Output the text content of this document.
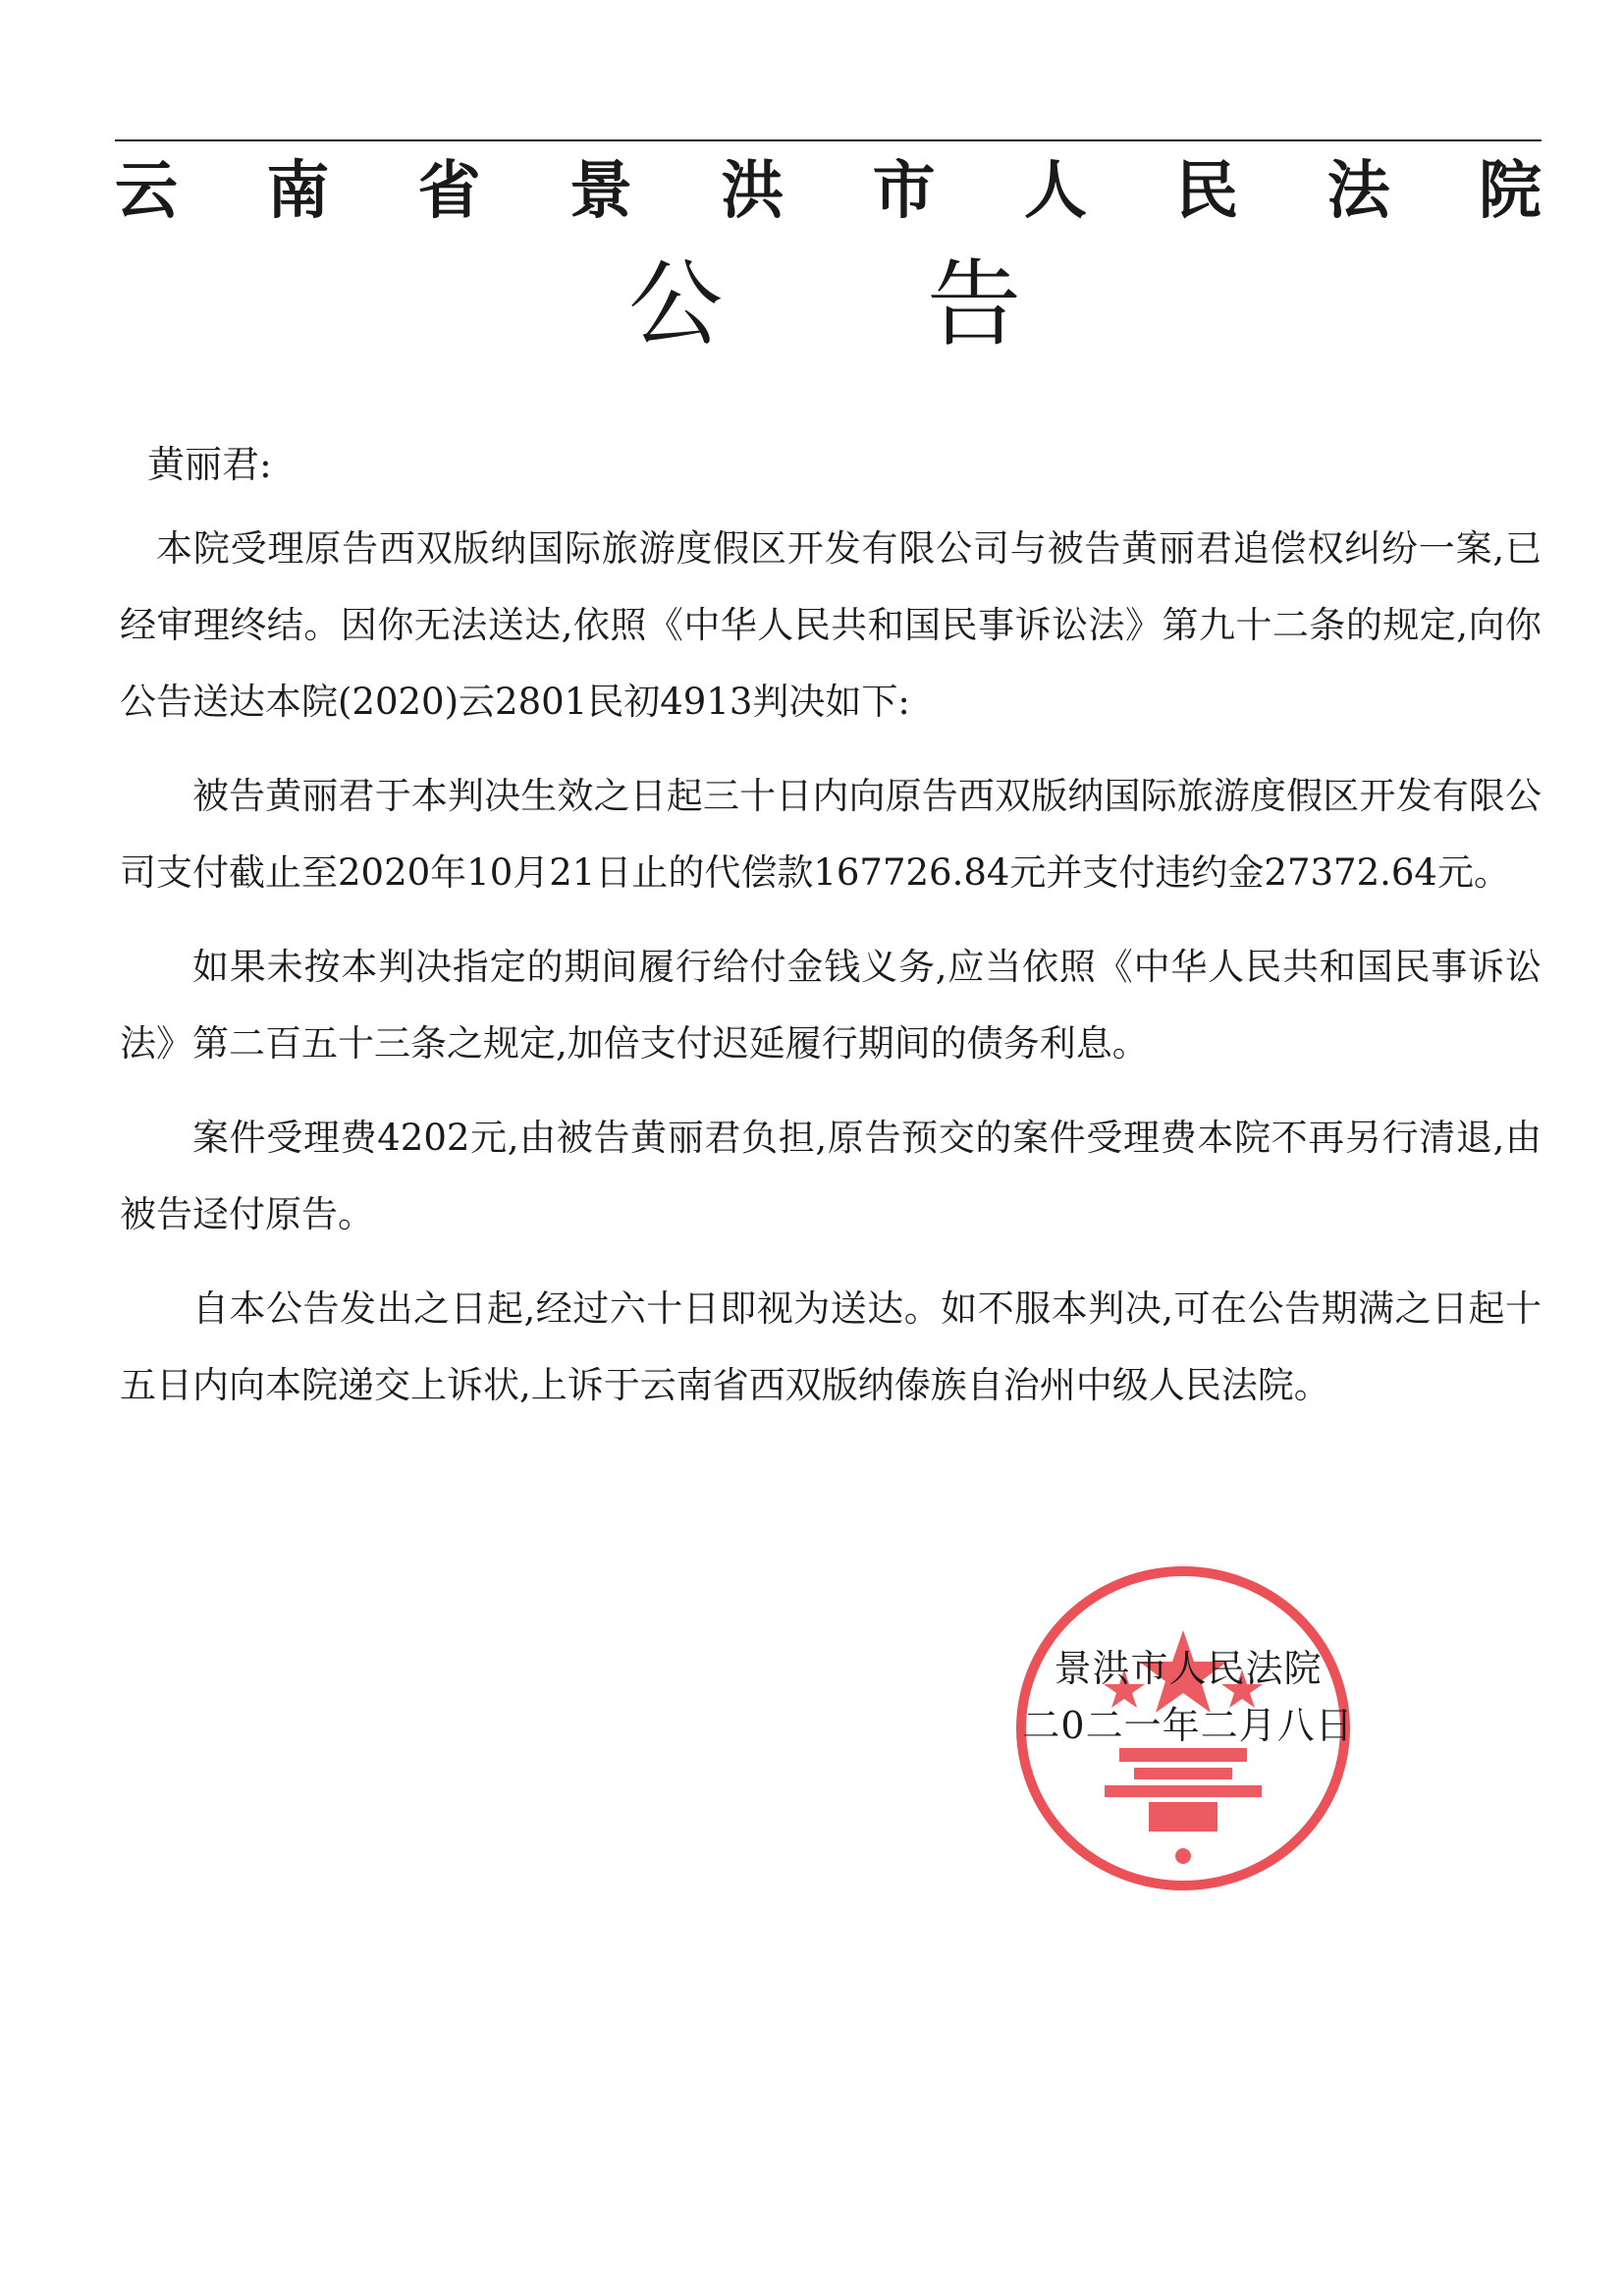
云 南 省 景 洪 市 人 民 法 院
公 告
黄丽君:

本院受理原告西双版纳国际旅游度假区开发有限公司与被告黄丽君追偿权纠纷一案,已经审理终结。因你无法送达,依照《中华人民共和国民事诉讼法》第九十二条的规定,向你公告送达本院(2020)云2801民初4913判决如下:

被告黄丽君于本判决生效之日起三十日内向原告西双版纳国际旅游度假区开发有限公司支付截止至2020年10月21日止的代偿款167726.84元并支付违约金27372.64元。

如果未按本判决指定的期间履行给付金钱义务,应当依照《中华人民共和国民事诉讼法》第二百五十三条之规定,加倍支付迟延履行期间的债务利息。

案件受理费4202元,由被告黄丽君负担,原告预交的案件受理费本院不再另行清退,由被告迳付原告。

自本公告发出之日起,经过六十日即视为送达。如不服本判决,可在公告期满之日起十五日内向本院递交上诉状,上诉于云南省西双版纳傣族自治州中级人民法院。

景洪市人民法院
二0二一年二月八日
